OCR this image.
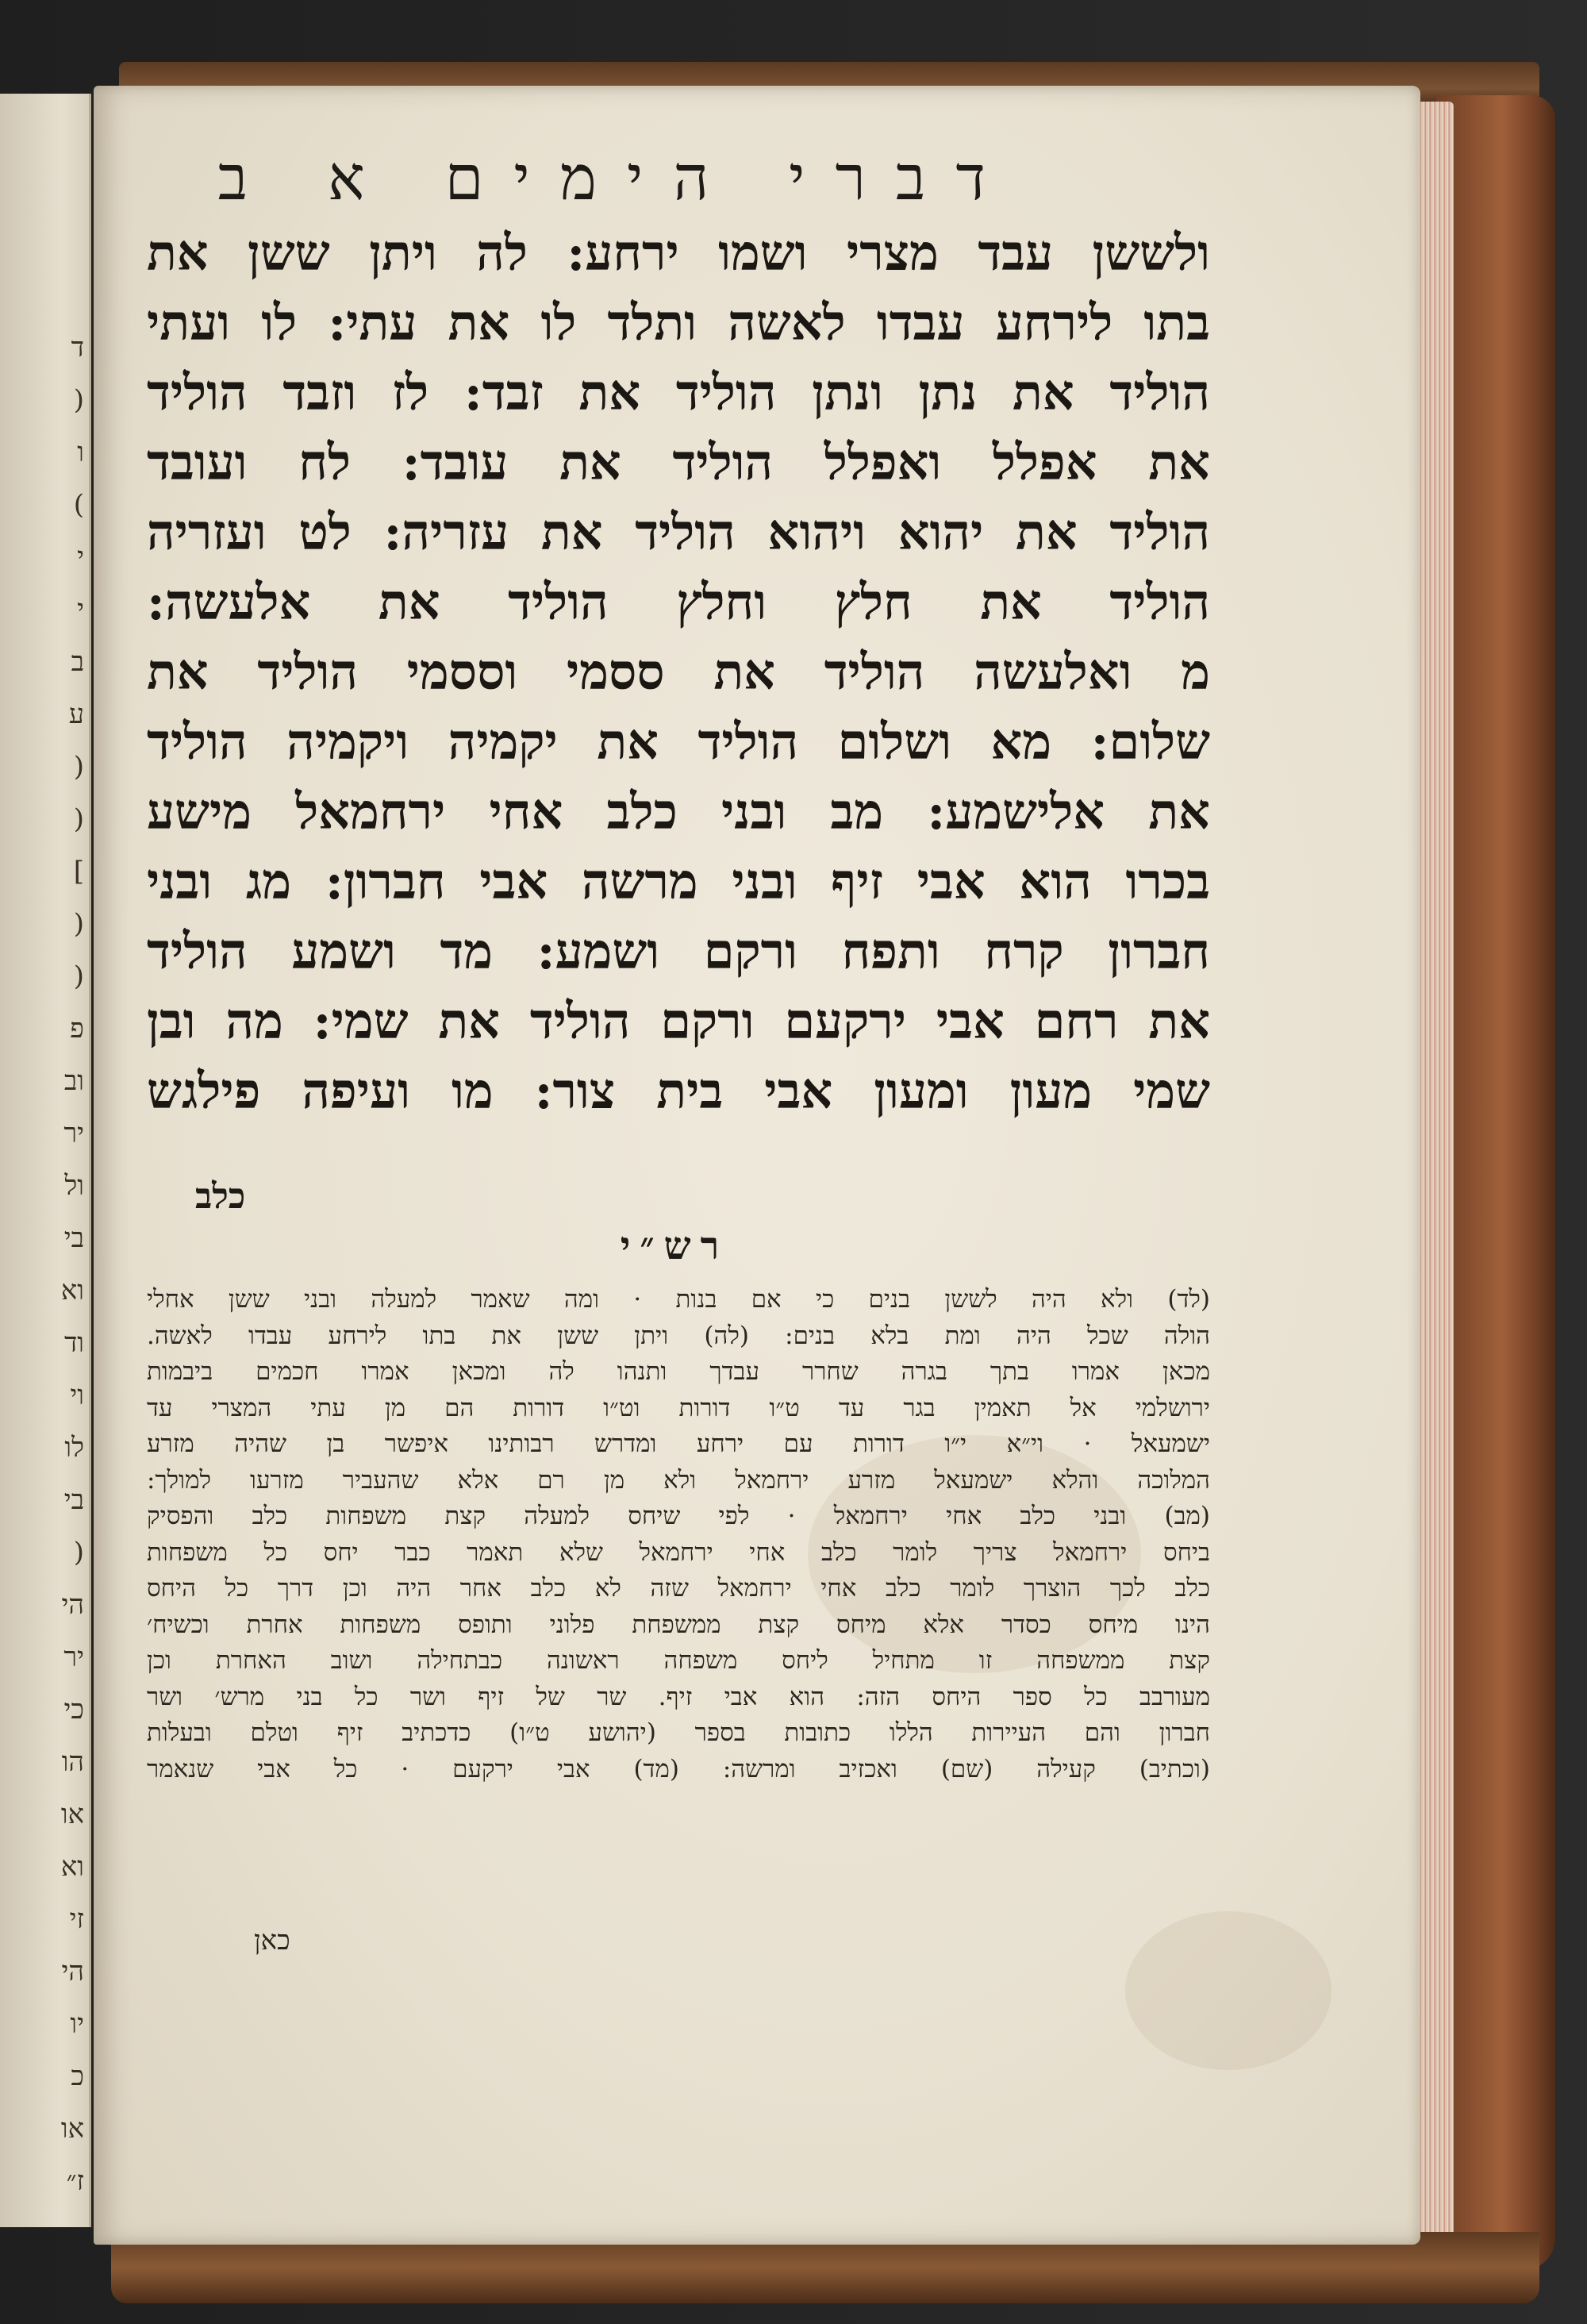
ד
(
ו
)
י
י
ב
ע
(
(
]
(
(
פ
וב
יר
ול
בי
וא
וד
וי
לו
בי
(
הי
יר
כי
הו
או
וא
זי
הי
יו
כ
או
ז״
דברי הימים א ב
ולששן עבד מצרי ושמו ירחע: לה ויתן ששן את
בתו לירחע עבדו לאשה ותלד לו את עתי: לו ועתי
הוליד את נתן ונתן הוליד את זבד: לז וזבד הוליד
את אפלל ואפלל הוליד את עובד: לח ועובד
הוליד את יהוא ויהוא הוליד את עזריה: לט ועזריה
הוליד את חלץ וחלץ הוליד את אלעשה:
מ ואלעשה הוליד את ססמי וססמי הוליד את
שלום: מא ושלום הוליד את יקמיה ויקמיה הוליד
את אלישמע: מב ובני כלב אחי ירחמאל מישע
בכרו הוא אבי זיף ובני מרשה אבי חברון: מג ובני
חברון קרח ותפח ורקם ושמע: מד ושמע הוליד
את רחם אבי ירקעם ורקם הוליד את שמי: מה ובן
שמי מעון ומעון אבי בית צור: מו ועיפה פילגש
כלב
רש״י
(לד) ולא היה לששן בנים כי אם בנות · ומה שאמר למעלה ובני ששן אחלי
הולה שכל היה ומת בלא בנים: (לה) ויתן ששן את בתו לירחע עבדו לאשה.
מכאן אמרו בתך בגרה שחרר עבדך ותנהו לה ומכאן אמרו חכמים ביבמות
ירושלמי אל תאמין בגר עד ט״ו דורות וט״ו דורות הם מן עתי המצרי עד
ישמעאל · וי״א י״ו דורות עם ירחע ומדרש רבותינו איפשר בן שהיה מזרע
המלוכה והלא ישמעאל מזרע ירחמאל ולא מן רם אלא שהעביר מזרעו למולך:
(מב) ובני כלב אחי ירחמאל · לפי שיחס למעלה קצת משפחות כלב והפסיק
ביחס ירחמאל צריך לומר כלב אחי ירחמאל שלא תאמר כבר יחס כל משפחות
כלב לכך הוצרך לומר כלב אחי ירחמאל שזה לא כלב אחר היה וכן דרך כל היחס
הינו מיחס כסדר אלא מיחס קצת ממשפחת פלוני ותופס משפחות אחרת וכשיח׳
קצת ממשפחה זו מתחיל ליחס משפחה ראשונה כבתחילה ושוב האחרת וכן
מעורבב כל ספר היחס הזה: הוא אבי זיף. שר של זיף ושר כל בני מרש׳ ושר
חברון והם העיירות הללו כתובות בספר (יהושע ט״ו) כדכתיב זיף וטלם ובעלות
(וכתיב) קעילה (שם) ואכזיב ומרשה: (מד) אבי ירקעם · כל אבי שנאמר
כאן
